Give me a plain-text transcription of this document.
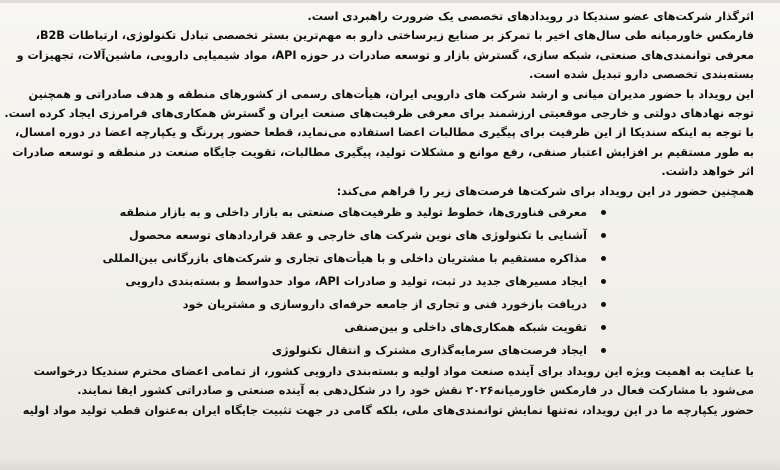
اثرگذار شرکت‌های عضو سندیکا در رویدادهای تخصصی یک ضرورت راهبردی است.
فارمکس خاورمیانه طی سال‌های اخیر با تمرکز بر صنایع زیرساختی دارو به مهم‌ترین بستر تخصصی تبادل تکنولوژی، ارتباطات B2B،
معرفی توانمندی‌های صنعتی، شبکه سازی، گسترش بازار و توسعه صادرات در حوزه API، مواد شیمیایی دارویی، ماشین‌آلات، تجهیزات و
بسته‌بندی تخصصی دارو تبدیل شده است.
این رویداد با حضور مدیران میانی و ارشد شرکت های دارویی ایران، هیأت‌های رسمی از کشورهای منطقه و هدف صادراتی و همچنین
توجه نهادهای دولتی و خارجی موقعیتی ارزشمند برای معرفی ظرفیت‌های صنعت ایران و گسترش همکاری‌های فرامرزی ایجاد کرده است.
با توجه به اینکه سندیکا از این ظرفیت برای پیگیری مطالبات اعضا استفاده می‌نماید، قطعا حضور پررنگ و یکپارچه اعضا در دوره امسال،
به طور مستقیم بر افزایش اعتبار صنفی، رفع موانع و مشکلات تولید، پیگیری مطالبات، تقویت جایگاه صنعت در منطقه و توسعه صادرات
اثر خواهد داشت.
همچنین حضور در این رویداد برای شرکت‌ها فرصت‌های زیر را فراهم می‌کند:
معرفی فناوری‌ها، خطوط تولید و ظرفیت‌های صنعتی به بازار داخلی و به بازار منطقه
آشنایی با تکنولوژی های نوین شرکت های خارجی و عقد قراردادهای توسعه محصول
مذاکره مستقیم با مشتریان داخلی و با هیأت‌های تجاری و شرکت‌های بازرگانی بین‌المللی
ایجاد مسیرهای جدید در ثبت، تولید و صادرات API، مواد حدواسط و بسته‌بندی دارویی
دریافت بازخورد فنی و تجاری از جامعه حرفه‌ای داروسازی و مشتریان خود
تقویت شبکه همکاری‌های داخلی و بین‌صنفی
ایجاد فرصت‌های سرمایه‌گذاری مشترک و انتقال تکنولوژی
با عنایت به اهمیت ویژه این رویداد برای آینده صنعت مواد اولیه و بسته‌بندی دارویی کشور، از تمامی اعضای محترم سندیکا درخواست
می‌شود با مشارکت فعال در فارمکس خاورمیانه۲۰۲۶ نقش خود را در شکل‌دهی به آینده صنعتی و صادراتی کشور ایفا نمایند.
حضور یکپارچه ما در این رویداد، نه‌تنها نمایش توانمندی‌های ملی، بلکه گامی در جهت تثبیت جایگاه ایران به‌عنوان قطب تولید مواد اولیه
